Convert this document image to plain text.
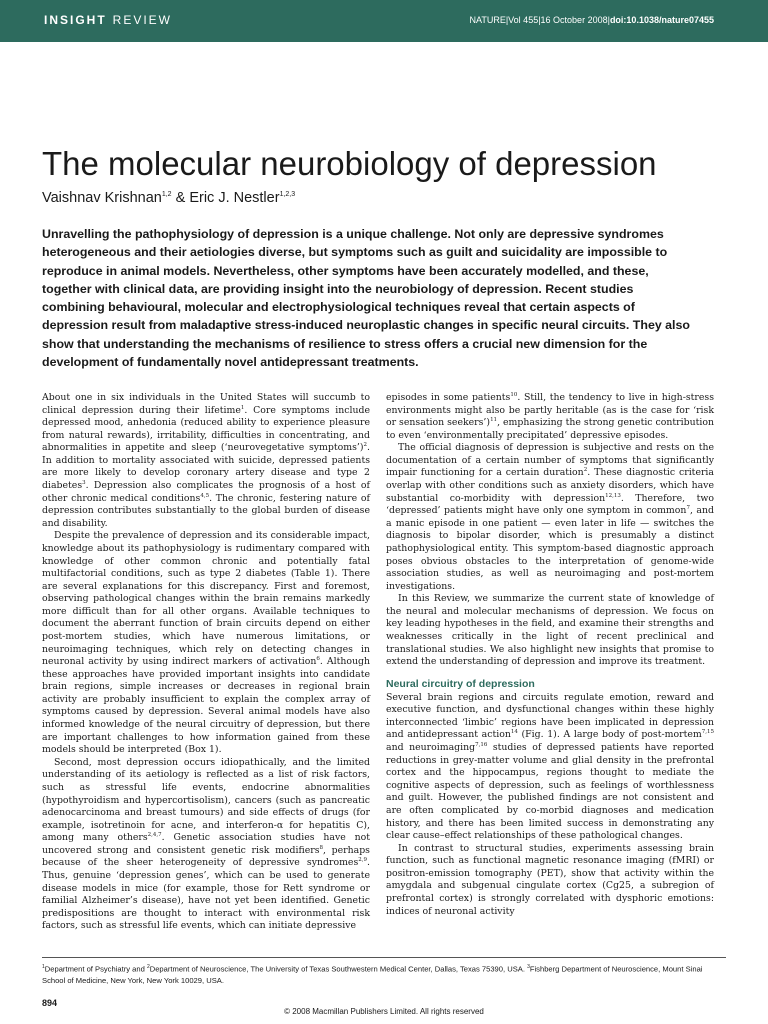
INSIGHT REVIEW	NATURE|Vol 455|16 October 2008|doi:10.1038/nature07455
The molecular neurobiology of depression
Vaishnav Krishnan$^{1,2}$ & Eric J. Nestler$^{1,2,3}$

Unravelling the pathophysiology of depression is a unique challenge. Not only are depressive syndromes heterogeneous and their aetiologies diverse, but symptoms such as guilt and suicidality are impossible to reproduce in animal models. Nevertheless, other symptoms have been accurately modelled, and these, together with clinical data, are providing insight into the neurobiology of depression. Recent studies combining behavioural, molecular and electrophysiological techniques reveal that certain aspects of depression result from maladaptive stress-induced neuroplastic changes in specific neural circuits. They also show that understanding the mechanisms of resilience to stress offers a crucial new dimension for the development of fundamentally novel antidepressant treatments.

About one in six individuals in the United States will succumb to clinical depression during their lifetime$^1$. Core symptoms include depressed mood, anhedonia (reduced ability to experience pleasure from natural rewards), irritability, difficulties in concentrating, and abnormalities in appetite and sleep (‘neurovegetative symptoms’)$^2$. In addition to mortality associated with suicide, depressed patients are more likely to develop coronary artery disease and type 2 diabetes$^3$. Depression also complicates the prognosis of a host of other chronic medical conditions$^{4,5}$. The chronic, festering nature of depression contributes substantially to the global burden of disease and disability.

Despite the prevalence of depression and its considerable impact, knowledge about its pathophysiology is rudimentary compared with knowledge of other common chronic and potentially fatal multifactorial conditions, such as type 2 diabetes (Table 1). There are several explanations for this discrepancy. First and foremost, observing pathological changes within the brain remains markedly more difficult than for all other organs. Available techniques to document the aberrant function of brain circuits depend on either post-mortem studies, which have numerous limitations, or neuroimaging techniques, which rely on detecting changes in neuronal activity by using indirect markers of activation$^6$. Although these approaches have provided important insights into candidate brain regions, simple increases or decreases in regional brain activity are probably insufficient to explain the complex array of symptoms caused by depression. Several animal models have also informed knowledge of the neural circuitry of depression, but there are important challenges to how information gained from these models should be interpreted (Box 1).

Second, most depression occurs idiopathically, and the limited understanding of its aetiology is reflected as a list of risk factors, such as stressful life events, endocrine abnormalities (hypothyroidism and hypercortisolism), cancers (such as pancreatic adenocarcinoma and breast tumours) and side effects of drugs (for example, isotretinoin for acne, and interferon-α for hepatitis C), among many others$^{2,4,7}$. Genetic association studies have not uncovered strong and consistent genetic risk modifiers$^8$, perhaps because of the sheer heterogeneity of depressive syndromes$^{2,9}$. Thus, genuine ‘depression genes’, which can be used to generate disease models in mice (for example, those for Rett syndrome or familial Alzheimer’s disease), have not yet been identified. Genetic predispositions are thought to interact with environmental risk factors, such as stressful life events, which can initiate depressive

episodes in some patients$^{10}$. Still, the tendency to live in high-stress environments might also be partly heritable (as is the case for ‘risk or sensation seekers’)$^{11}$, emphasizing the strong genetic contribution to even ‘environmentally precipitated’ depressive episodes.

The official diagnosis of depression is subjective and rests on the documentation of a certain number of symptoms that significantly impair functioning for a certain duration$^2$. These diagnostic criteria overlap with other conditions such as anxiety disorders, which have substantial co-morbidity with depression$^{12,13}$. Therefore, two ‘depressed’ patients might have only one symptom in common$^7$, and a manic episode in one patient — even later in life — switches the diagnosis to bipolar disorder, which is presumably a distinct pathophysiological entity. This symptom-based diagnostic approach poses obvious obstacles to the interpretation of genome-wide association studies, as well as neuroimaging and post-mortem investigations.

In this Review, we summarize the current state of knowledge of the neural and molecular mechanisms of depression. We focus on key leading hypotheses in the field, and examine their strengths and weaknesses critically in the light of recent preclinical and translational studies. We also highlight new insights that promise to extend the understanding of depression and improve its treatment.

Neural circuitry of depression

Several brain regions and circuits regulate emotion, reward and executive function, and dysfunctional changes within these highly interconnected ‘limbic’ regions have been implicated in depression and antidepressant action$^{14}$ (Fig. 1). A large body of post-mortem$^{7,15}$ and neuroimaging$^{7,16}$ studies of depressed patients have reported reductions in grey-matter volume and glial density in the prefrontal cortex and the hippocampus, regions thought to mediate the cognitive aspects of depression, such as feelings of worthlessness and guilt. However, the published findings are not consistent and are often complicated by co-morbid diagnoses and medication history, and there has been limited success in demonstrating any clear cause–effect relationships of these pathological changes.

In contrast to structural studies, experiments assessing brain function, such as functional magnetic resonance imaging (fMRI) or positron-emission tomography (PET), show that activity within the amygdala and subgenual cingulate cortex (Cg25, a subregion of prefrontal cortex) is strongly correlated with dysphoric emotions: indices of neuronal activity

$^1$Department of Psychiatry and $^2$Department of Neuroscience, The University of Texas Southwestern Medical Center, Dallas, Texas 75390, USA. $^3$Fishberg Department of Neuroscience, Mount Sinai School of Medicine, New York, New York 10029, USA.
894
© 2008 Macmillan Publishers Limited. All rights reserved
